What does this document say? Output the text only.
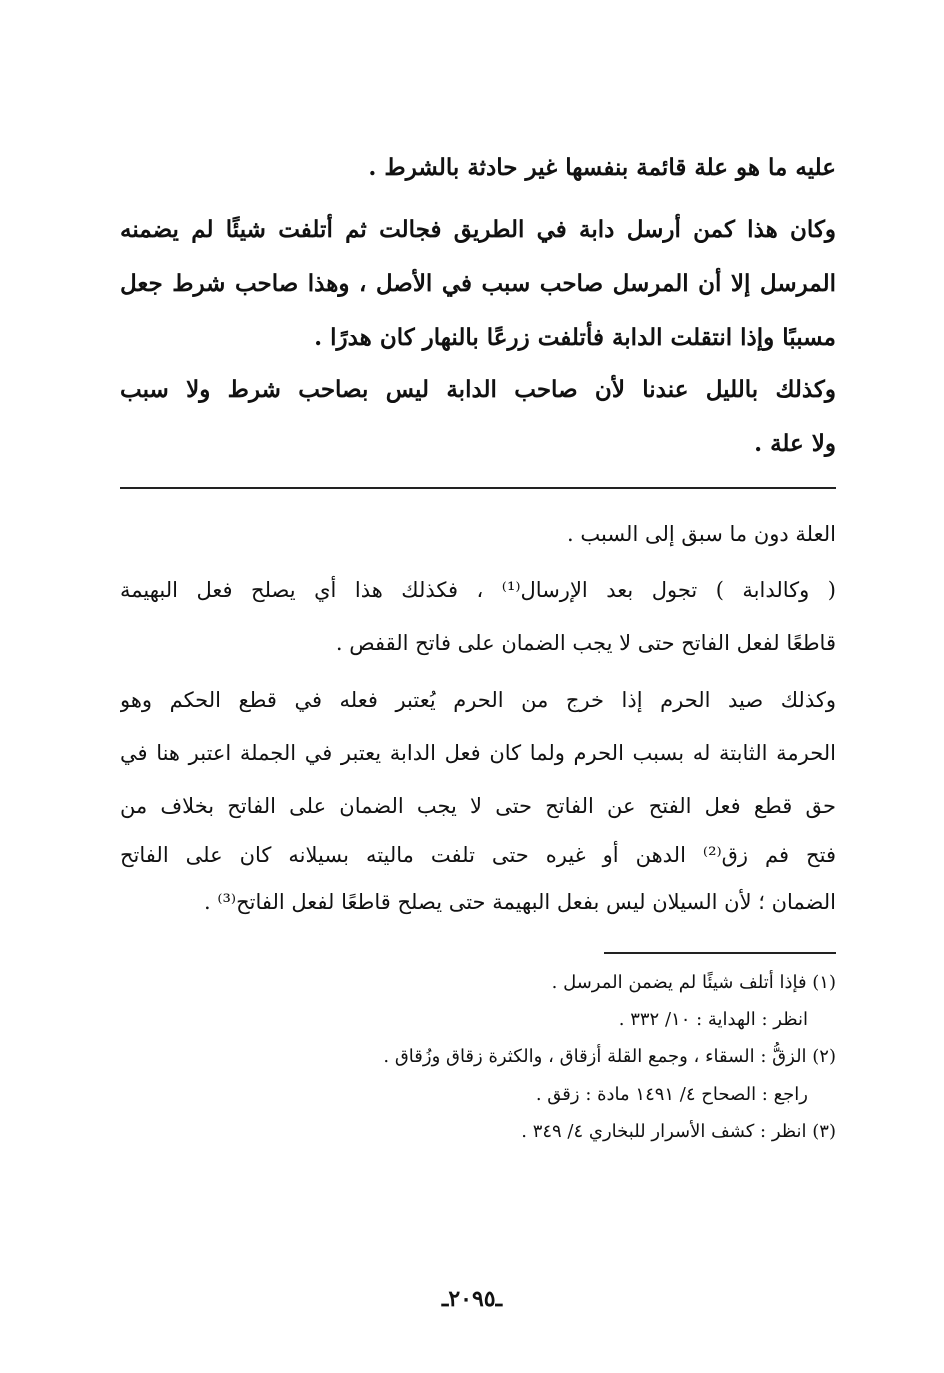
عليه ما هو علة قائمة بنفسها غير حادثة بالشرط .
وكان هذا كمن أرسل دابة في الطريق فجالت ثم أتلفت شيئًا لم يضمنه
المرسل إلا أن المرسل صاحب سبب في الأصل ، وهذا صاحب شرط جعل
مسببًا وإذا انتقلت الدابة فأتلفت زرعًا بالنهار كان هدرًا .
وكذلك بالليل عندنا لأن صاحب الدابة ليس بصاحب شرط ولا سبب
ولا علة .
العلة دون ما سبق إلى السبب .
( وكالدابة ) تجول بعد الإرسال⁽¹⁾ ، فكذلك هذا أي يصلح فعل البهيمة
قاطعًا لفعل الفاتح حتى لا يجب الضمان على فاتح القفص .
وكذلك صيد الحرم إذا خرج من الحرم يُعتبر فعله في قطع الحكم وهو
الحرمة الثابتة له بسبب الحرم ولما كان فعل الدابة يعتبر في الجملة اعتبر هنا في
حق قطع فعل الفتح عن الفاتح حتى لا يجب الضمان على الفاتح بخلاف من
فتح فم زق⁽²⁾ الدهن أو غيره حتى تلفت ماليته بسيلانه كان على الفاتح
الضمان ؛ لأن السيلان ليس بفعل البهيمة حتى يصلح قاطعًا لفعل الفاتح⁽³⁾ .
(١) فإذا أتلف شيئًا لم يضمن المرسل .
انظر : الهداية : ١٠/ ٣٣٢ .
(٢) الزقُّ : السقاء ، وجمع القلة أزقاق ، والكثرة زقاق وزُقاق .
راجع : الصحاح ٤/ ١٤٩١ مادة : زقق .
(٣) انظر : كشف الأسرار للبخاري ٤/ ٣٤٩ .
ـ٢٠٩٥ـ
